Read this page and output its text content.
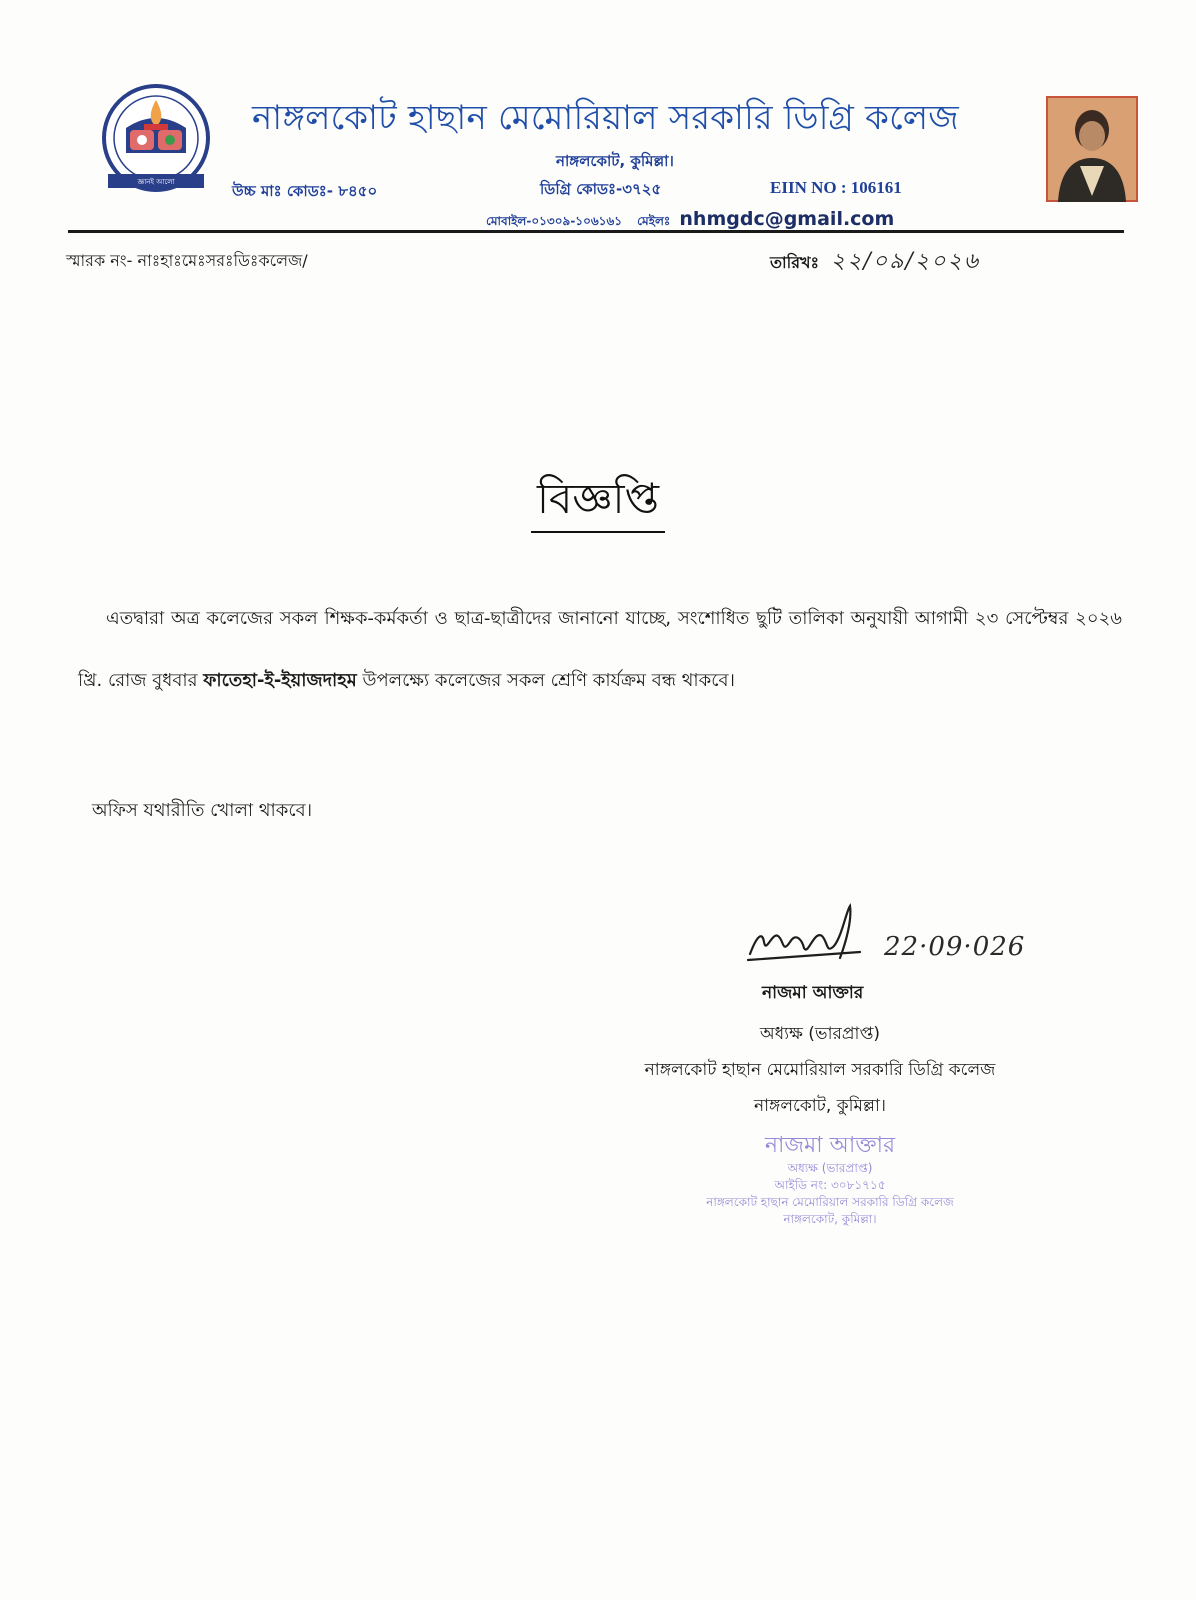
জ্ঞানই আলো
স্থাপিত ১৯৯৩
নাঙ্গলকোট হাছান মেমোরিয়াল সরকারি ডিগ্রি কলেজ
নাঙ্গলকোট, কুমিল্লা।
উচ্চ মাঃ কোডঃ- ৮৪৫০	ডিগ্রি কোডঃ-৩৭২৫	EIIN NO : 106161
মোবাইল-০১৩০৯-১০৬১৬১ মেইলঃ nhmgdc@gmail.com
স্মারক নং- নাঃহাঃমেঃসরঃডিঃকলেজ/	তারিখঃ ২২/০৯/২০২৬
বিজ্ঞপ্তি
এতদ্বারা অত্র কলেজের সকল শিক্ষক-কর্মকর্তা ও ছাত্র-ছাত্রীদের জানানো যাচ্ছে, সংশোধিত ছুটি তালিকা অনুযায়ী আগামী ২৩ সেপ্টেম্বর ২০২৬ খ্রি. রোজ বুধবার ফাতেহা-ই-ইয়াজদাহম উপলক্ষ্যে কলেজের সকল শ্রেণি কার্যক্রম বন্ধ থাকবে।
অফিস যথারীতি খোলা থাকবে।
22·09·026
নাজমা আক্তার
অধ্যক্ষ (ভারপ্রাপ্ত)
নাঙ্গলকোট হাছান মেমোরিয়াল সরকারি ডিগ্রি কলেজ
নাঙ্গলকোট, কুমিল্লা।
নাজমা আক্তার
অধ্যক্ষ (ভারপ্রাপ্ত)
আইডি নং: ৩০৮১৭১৫
নাঙ্গলকোট হাছান মেমোরিয়াল সরকারি ডিগ্রি কলেজ
নাঙ্গলকোট, কুমিল্লা।
